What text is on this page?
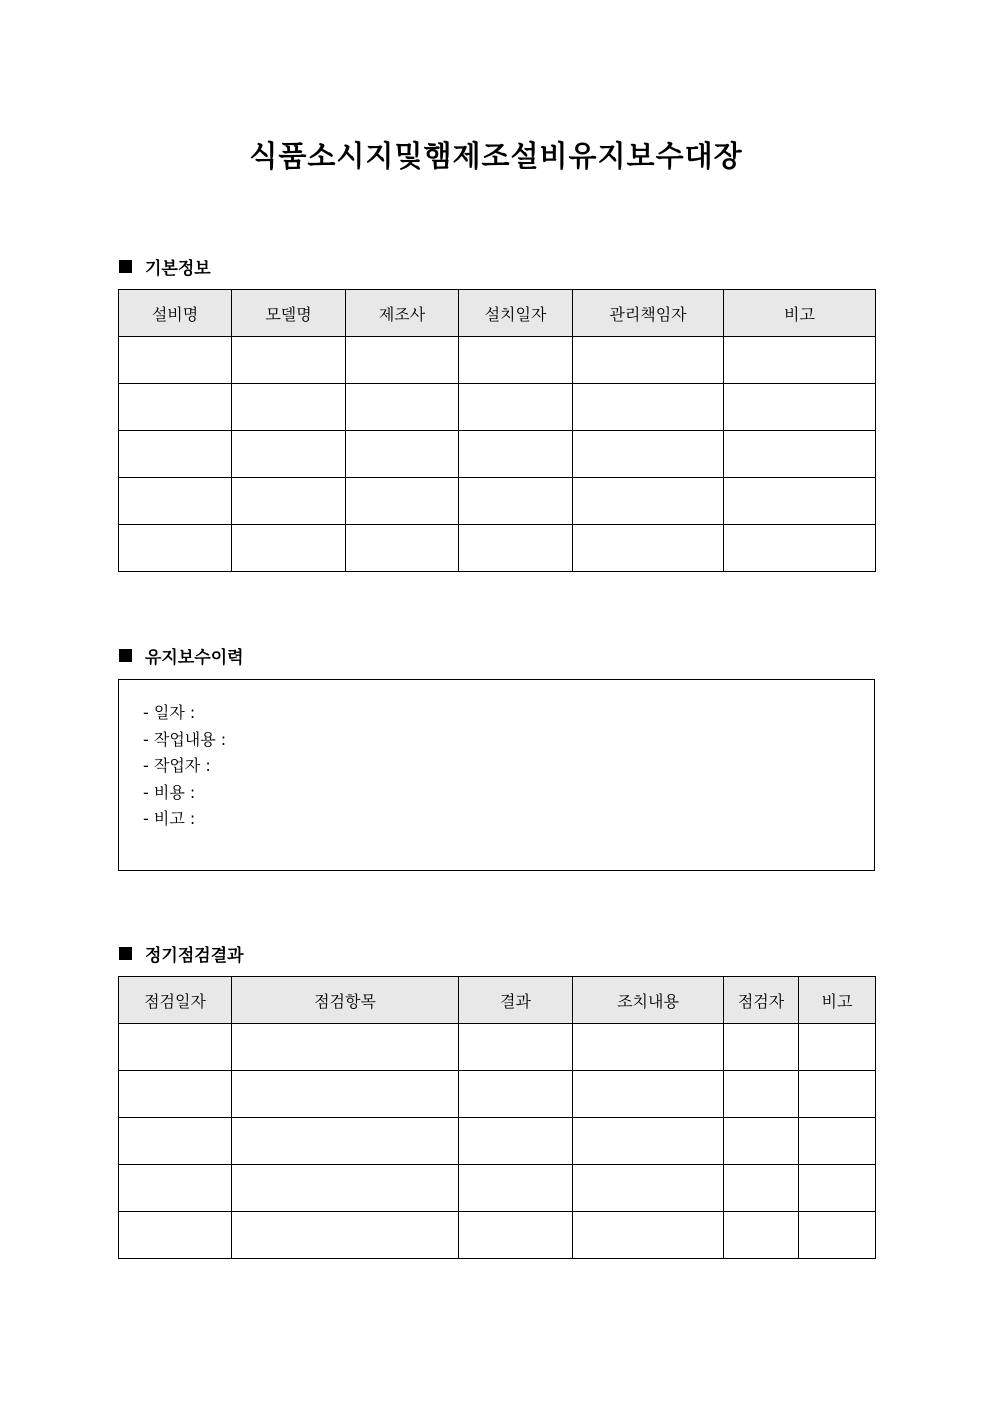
식품소시지및햄제조설비유지보수대장
기본정보
설비명	모델명	제조사	설치일자	관리책임자	비고

유지보수이력
- 일자 :
- 작업내용 :
- 작업자 :
- 비용 :
- 비고 :
정기점검결과
점검일자	점검항목	결과	조치내용	점검자	비고
